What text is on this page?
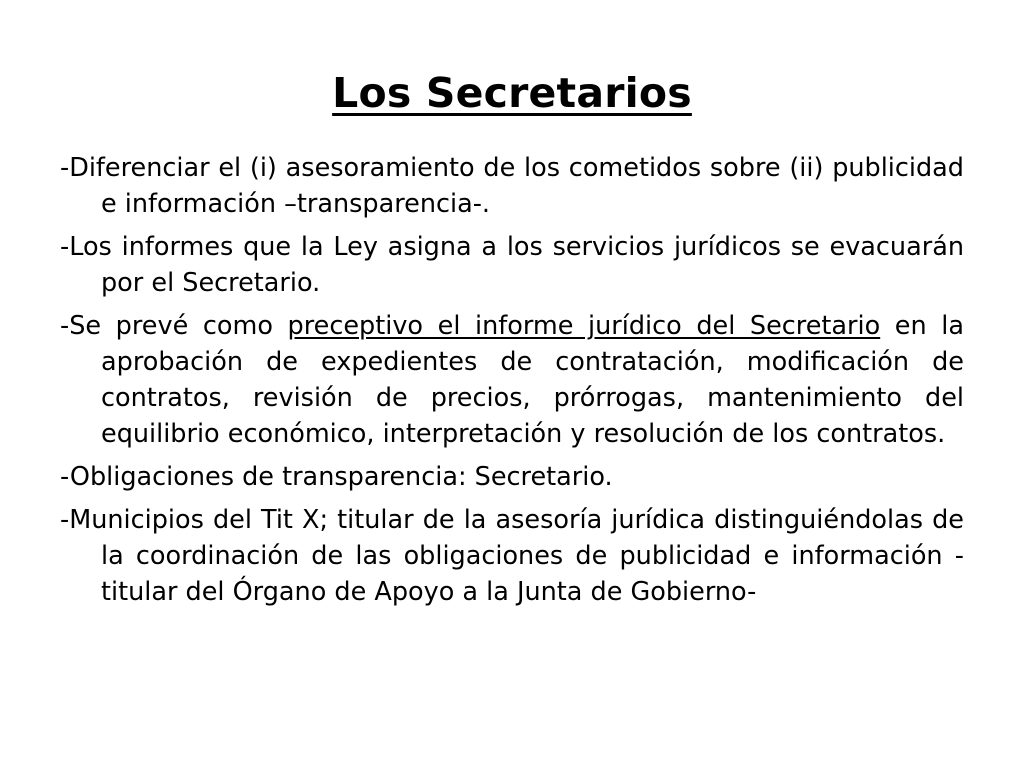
Los Secretarios

-Diferenciar el (i) asesoramiento de los cometidos sobre (ii) publicidad e información –transparencia-.

-Los informes que la Ley asigna a los servicios jurídicos se evacuarán por el Secretario.

-Se prevé como preceptivo el informe jurídico del Secretario en la aprobación de expedientes de contratación, modificación de contratos, revisión de precios, prórrogas, mantenimiento del equilibrio económico, interpretación y resolución de los contratos.

-Obligaciones de transparencia: Secretario.

-Municipios del Tit X; titular de la asesoría jurídica distinguiéndolas de la coordinación de las obligaciones de publicidad e información -titular del Órgano de Apoyo a la Junta de Gobierno-
